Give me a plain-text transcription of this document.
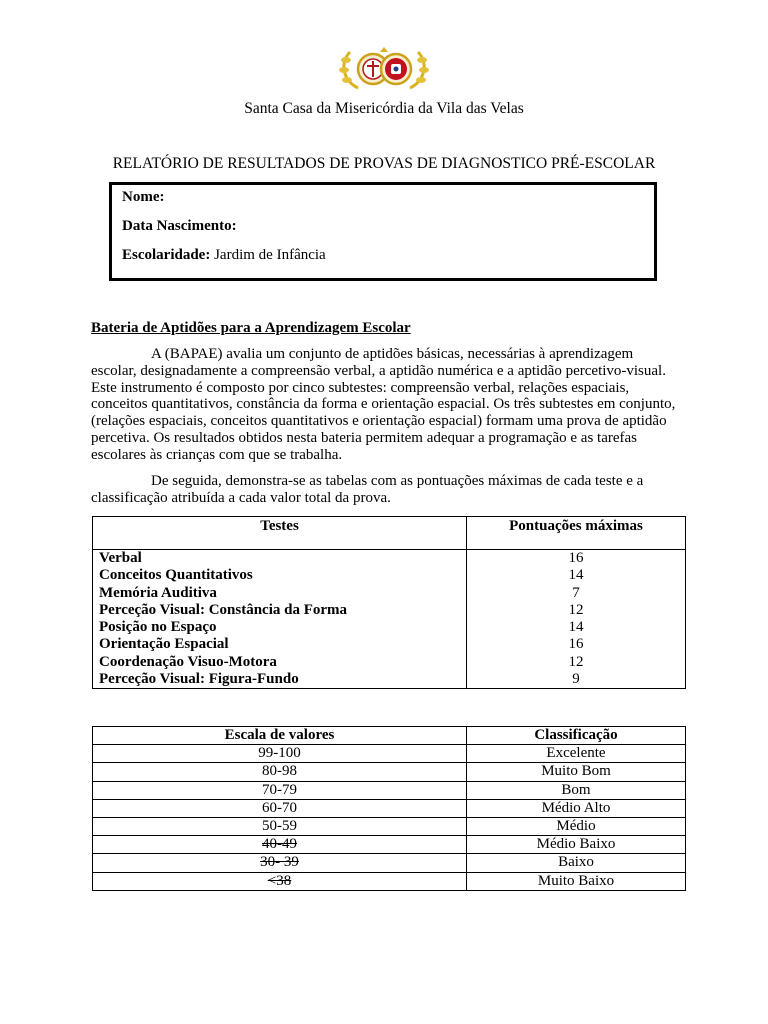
Santa Casa da Misericórdia da Vila das Velas
RELATÓRIO DE RESULTADOS DE PROVAS DE DIAGNOSTICO PRÉ-ESCOLAR
Nome:
Data Nascimento:
Escolaridade: Jardim de Infância
Bateria de Aptidões para a Aprendizagem Escolar

A (BAPAE) avalia um conjunto de aptidões básicas, necessárias à aprendizagem escolar, designadamente a compreensão verbal, a aptidão numérica e a aptidão percetivo-visual. Este instrumento é composto por cinco subtestes: compreensão verbal, relações espaciais, conceitos quantitativos, constância da forma e orientação espacial. Os três subtestes em conjunto, (relações espaciais, conceitos quantitativos e orientação espacial) formam uma prova de aptidão percetiva. Os resultados obtidos nesta bateria permitem adequar a programação e as tarefas escolares às crianças com que se trabalha.

De seguida, demonstra-se as tabelas com as pontuações máximas de cada teste e a classificação atribuída a cada valor total da prova.

Testes	Pontuações máximas
Verbal	16
Conceitos Quantitativos	14
Memória Auditiva	7
Perceção Visual: Constância da Forma	12
Posição no Espaço	14
Orientação Espacial	16
Coordenação Visuo-Motora	12
Perceção Visual: Figura-Fundo	9
Escala de valores	Classificação
99-100	Excelente
80-98	Muito Bom
70-79	Bom
60-70	Médio Alto
50-59	Médio
40-49	Médio Baixo
30- 39	Baixo
<38	Muito Baixo
